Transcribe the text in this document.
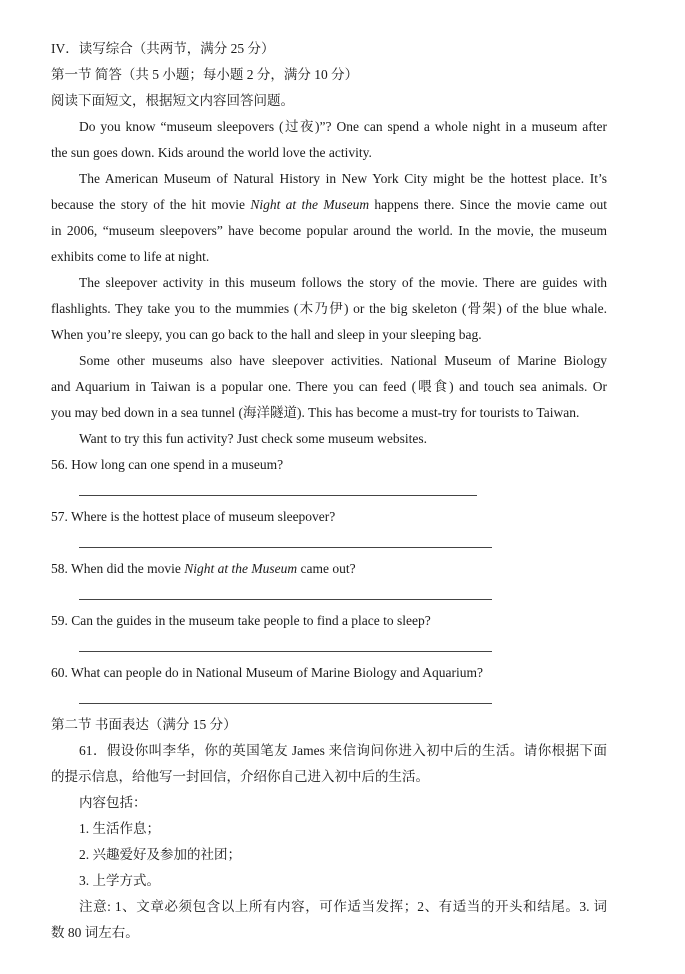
IV．读写综合（共两节，满分 25 分）
第一节 简答（共 5 小题；每小题 2 分，满分 10 分）
阅读下面短文，根据短文内容回答问题。
Do you know “museum sleepovers (过夜)”? One can spend a whole night in a museum after
the sun goes down. Kids around the world love the activity.
The American Museum of Natural History in New York City might be the hottest place. It’s
because the story of the hit movie Night at the Museum happens there. Since the movie came out
in 2006, “museum sleepovers” have become popular around the world. In the movie, the museum
exhibits come to life at night.
The sleepover activity in this museum follows the story of the movie. There are guides with
flashlights. They take you to the mummies (木乃伊) or the big skeleton (骨架) of the blue whale.
When you’re sleepy, you can go back to the hall and sleep in your sleeping bag.
Some other museums also have sleepover activities. National Museum of Marine Biology
and Aquarium in Taiwan is a popular one. There you can feed (喂食) and touch sea animals. Or
you may bed down in a sea tunnel (海洋隧道). This has become a must-try for tourists to Taiwan.
Want to try this fun activity? Just check some museum websites.
56. How long can one spend in a museum?
57. Where is the hottest place of museum sleepover?
58. When did the movie Night at the Museum came out?
59. Can the guides in the museum take people to find a place to sleep?
60. What can people do in National Museum of Marine Biology and Aquarium?
第二节 书面表达（满分 15 分）
61．假设你叫李华，你的英国笔友 James 来信询问你进入初中后的生活。请你根据下面
的提示信息，给他写一封回信，介绍你自己进入初中后的生活。
内容包括：
1. 生活作息；
2. 兴趣爱好及参加的社团；
3. 上学方式。
注意: 1、文章必须包含以上所有内容，可作适当发挥；2、有适当的开头和结尾。3. 词
数 80 词左右。
